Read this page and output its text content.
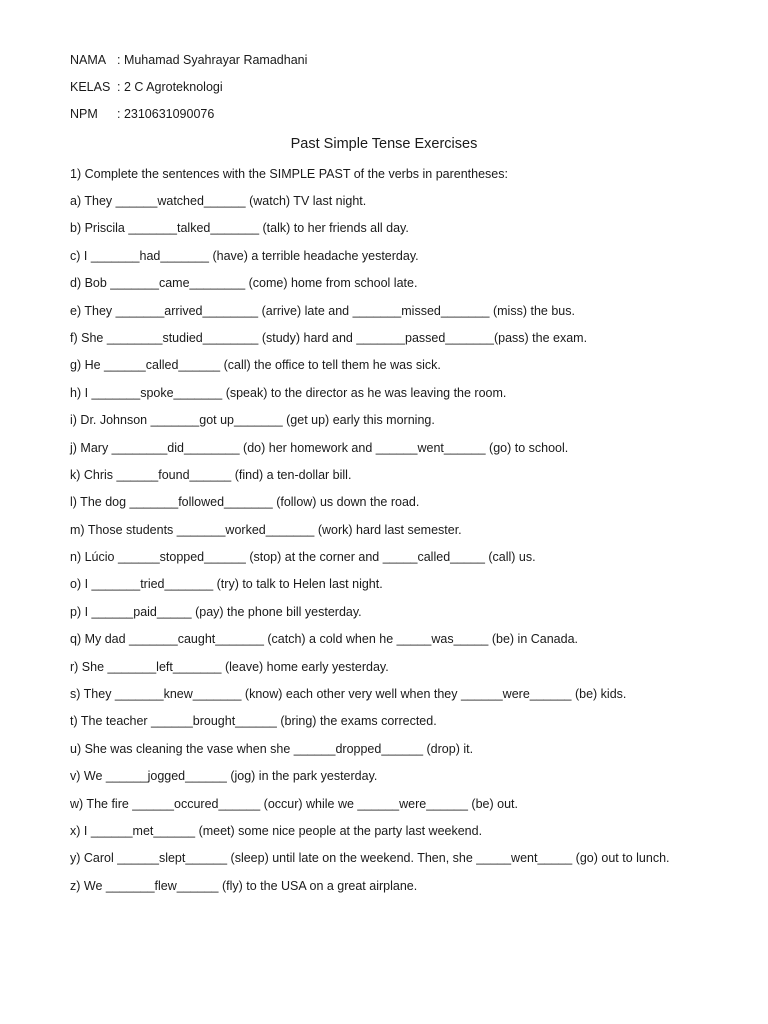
NAMA : Muhamad Syahrayar Ramadhani
KELAS : 2 C Agroteknologi
NPM : 2310631090076
Past Simple Tense Exercises
1) Complete the sentences with the SIMPLE PAST of the verbs in parentheses:
a) They ______watched______ (watch) TV last night.
b) Priscila _______talked_______ (talk) to her friends all day.
c) I _______had_______ (have) a terrible headache yesterday.
d) Bob _______came________ (come) home from school late.
e) They _______arrived________ (arrive) late and _______missed_______ (miss) the bus.
f) She ________studied________ (study) hard and _______passed_______(pass) the exam.
g) He ______called______ (call) the office to tell them he was sick.
h) I _______spoke_______ (speak) to the director as he was leaving the room.
i) Dr. Johnson _______got up_______ (get up) early this morning.
j) Mary ________did________ (do) her homework and ______went______ (go) to school.
k) Chris ______found______ (find) a ten-dollar bill.
l) The dog _______followed_______ (follow) us down the road.
m) Those students _______worked_______ (work) hard last semester.
n) Lúcio ______stopped______ (stop) at the corner and _____called_____ (call) us.
o) I _______tried_______ (try) to talk to Helen last night.
p) I ______paid_____ (pay) the phone bill yesterday.
q) My dad _______caught_______ (catch) a cold when he _____was_____ (be) in Canada.
r) She _______left_______ (leave) home early yesterday.
s) They _______knew_______ (know) each other very well when they ______were______ (be) kids.
t) The teacher ______brought______ (bring) the exams corrected.
u) She was cleaning the vase when she ______dropped______ (drop) it.
v) We ______jogged______ (jog) in the park yesterday.
w) The fire ______occured______ (occur) while we ______were______ (be) out.
x) I ______met______ (meet) some nice people at the party last weekend.
y) Carol ______slept______ (sleep) until late on the weekend. Then, she _____went_____ (go) out to lunch.
z) We _______flew______ (fly) to the USA on a great airplane.
